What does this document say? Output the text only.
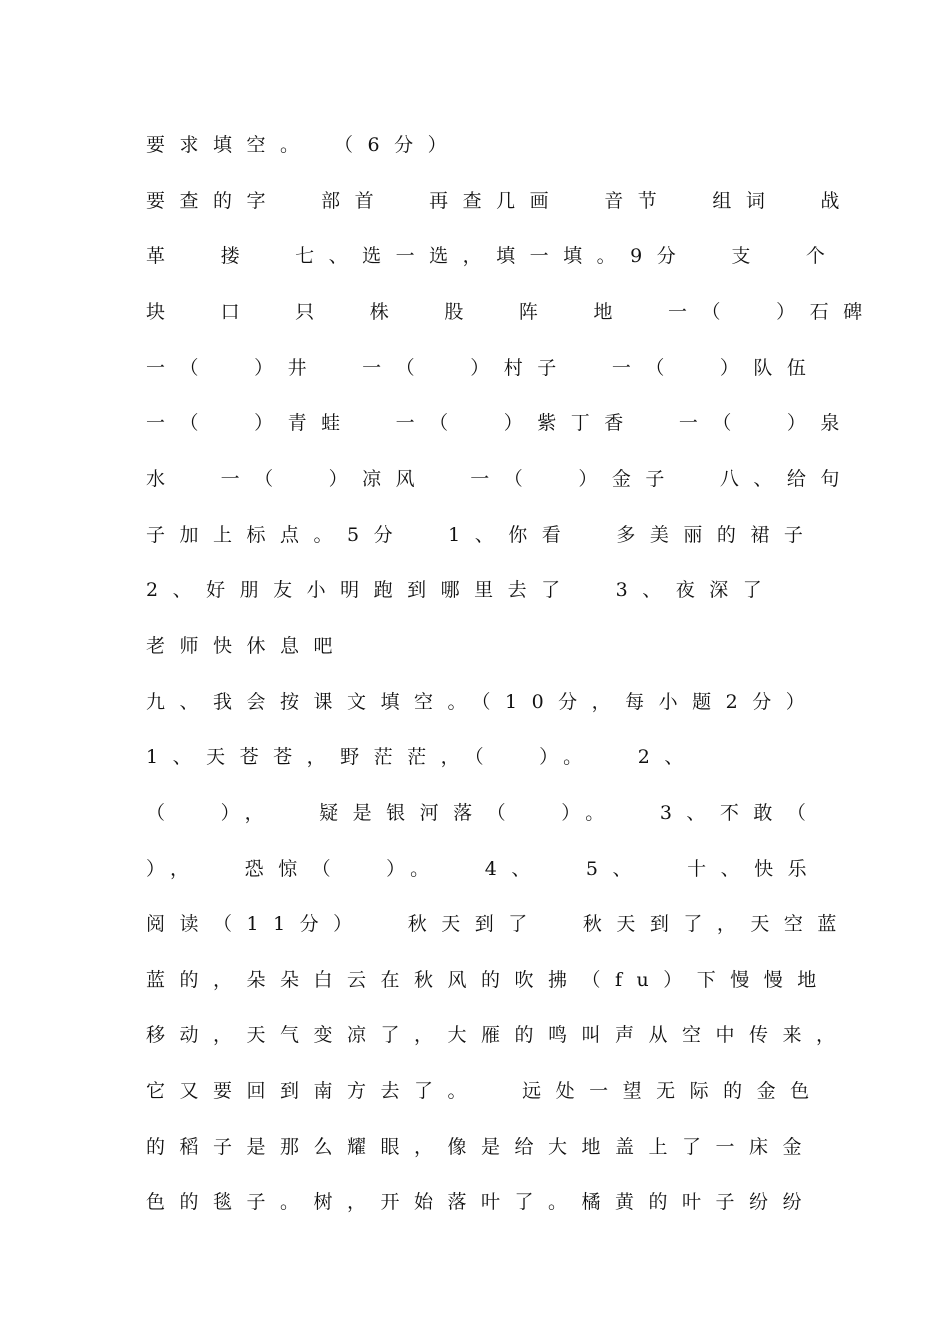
要求填空。 （6分）
要查的字  部首  再查几画  音节  组词  战
革  搂  七、选一选，填一填。9分  支  个
块  口  只  株  股  阵  地  一（  ）石碑
一（  ）井  一（  ）村子  一（  ）队伍
一（  ）青蛙  一（  ）紫丁香  一（  ）泉
水  一（  ）凉风  一（  ）金子  八、给句
子加上标点。5分  1、你看  多美丽的裙子
2、好朋友小明跑到哪里去了  3、夜深了
老师快休息吧
九、我会按课文填空。（10分，每小题2分）
1、天苍苍，野茫茫，（  ）。  2、
（  ），  疑是银河落（  ）。  3、不敢（
），  恐惊（  ）。  4、  5、  十、快乐
阅读（11分）  秋天到了  秋天到了，天空蓝
蓝的，朵朵白云在秋风的吹拂（fu）下慢慢地
移动，天气变凉了，大雁的鸣叫声从空中传来，
它又要回到南方去了。  远处一望无际的金色
的稻子是那么耀眼，像是给大地盖上了一床金
色的毯子。树，开始落叶了。橘黄的叶子纷纷
